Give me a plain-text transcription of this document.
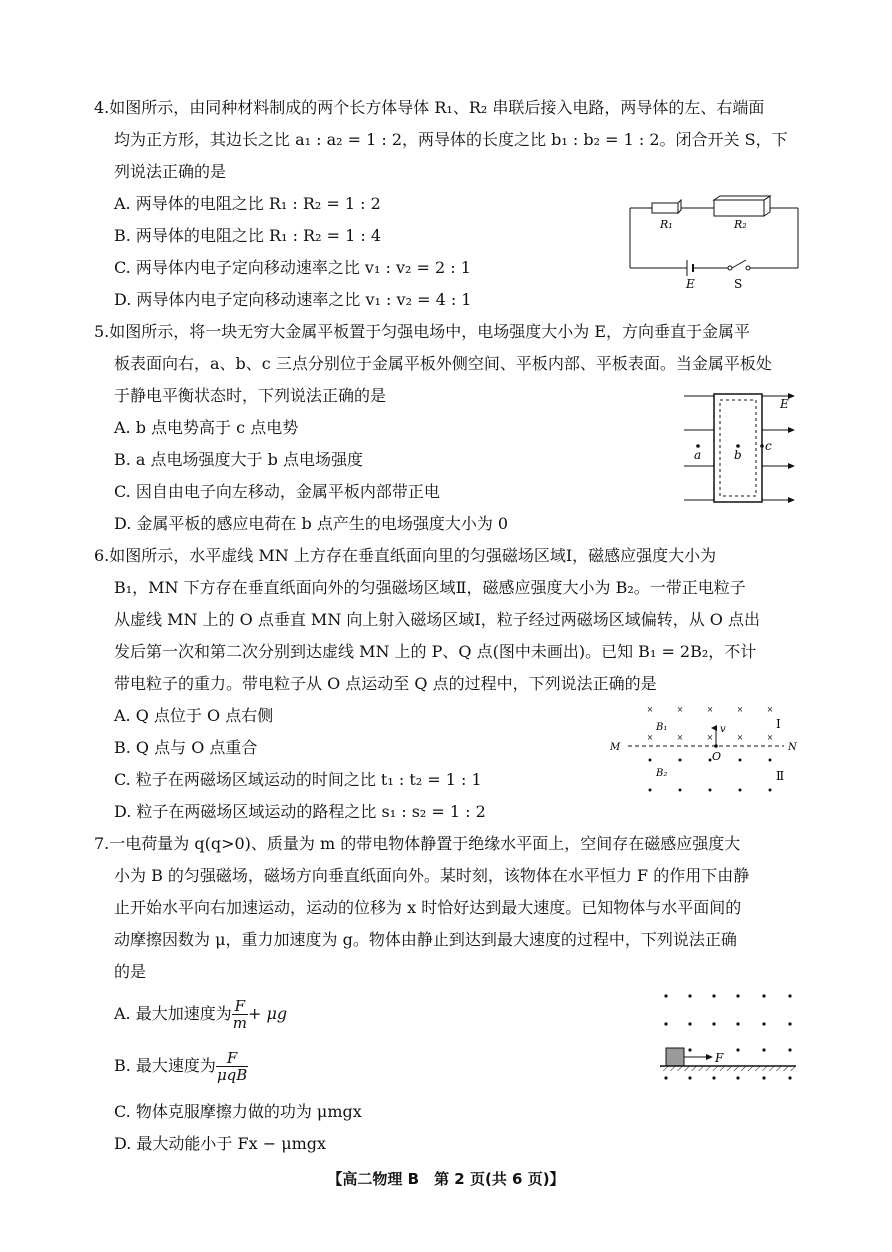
4.如图所示，由同种材料制成的两个长方体导体 R₁、R₂ 串联后接入电路，两导体的左、右端面
均为正方形，其边长之比 a₁ : a₂ = 1 : 2，两导体的长度之比 b₁ : b₂ = 1 : 2。闭合开关 S，下
列说法正确的是
A. 两导体的电阻之比 R₁ : R₂ = 1 : 2
B. 两导体的电阻之比 R₁ : R₂ = 1 : 4
C. 两导体内电子定向移动速率之比 v₁ : v₂ = 2 : 1
D. 两导体内电子定向移动速率之比 v₁ : v₂ = 4 : 1
R₁	R₂
E	S
5.如图所示，将一块无穷大金属平板置于匀强电场中，电场强度大小为 E，方向垂直于金属平
板表面向右，a、b、c 三点分别位于金属平板外侧空间、平板内部、平板表面。当金属平板处
于静电平衡状态时，下列说法正确的是
A. b 点电势高于 c 点电势
B. a 点电场强度大于 b 点电场强度
C. 因自由电子向左移动，金属平板内部带正电
D. 金属平板的感应电荷在 b 点产生的电场强度大小为 0
E
a	b
c
6.如图所示，水平虚线 MN 上方存在垂直纸面向里的匀强磁场区域Ⅰ，磁感应强度大小为
B₁，MN 下方存在垂直纸面向外的匀强磁场区域Ⅱ，磁感应强度大小为 B₂。一带正电粒子
从虚线 MN 上的 O 点垂直 MN 向上射入磁场区域Ⅰ，粒子经过两磁场区域偏转，从 O 点出
发后第一次和第二次分别到达虚线 MN 上的 P、Q 点(图中未画出)。已知 B₁ = 2B₂，不计
带电粒子的重力。带电粒子从 O 点运动至 Q 点的过程中，下列说法正确的是
A. Q 点位于 O 点右侧
B. Q 点与 O 点重合
C. 粒子在两磁场区域运动的时间之比 t₁ : t₂ = 1 : 1
D. 粒子在两磁场区域运动的路程之比 s₁ : s₂ = 1 : 2
×	×	×	×	×
×	×	×	×	×
v
O
M	N
B₁
B₂
Ⅰ
Ⅱ
7.一电荷量为 q(q>0)、质量为 m 的带电物体静置于绝缘水平面上，空间存在磁感应强度大
小为 B 的匀强磁场，磁场方向垂直纸面向外。某时刻，该物体在水平恒力 F 的作用下由静
止开始水平向右加速运动，运动的位移为 x 时恰好达到最大速度。已知物体与水平面间的
动摩擦因数为 μ，重力加速度为 g。物体由静止到达到最大速度的过程中，下列说法正确
的是
A. 最大加速度为 $\frac{F}{m} + \mu g$
B. 最大速度为 $\frac{F}{\text{μqB}}$
C. 物体克服摩擦力做的功为 μmgx
D. 最大动能小于 Fx − μmgx
F
【高二物理 B　第 2 页(共 6 页)】
